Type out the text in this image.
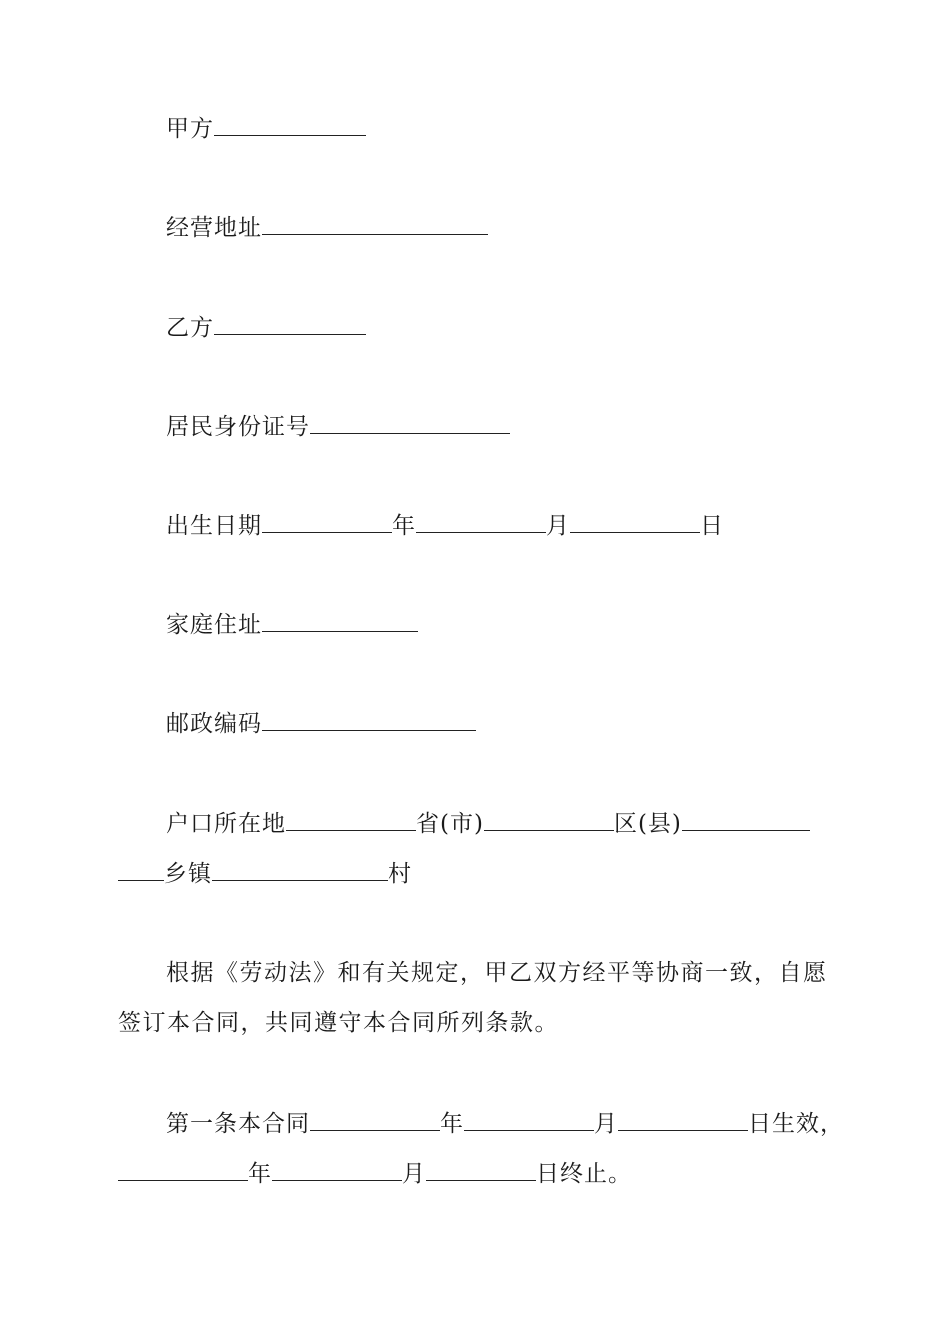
甲方
经营地址
乙方
居民身份证号
出生日期	年	月	日
家庭住址
邮政编码
户口所在地	省(市)	区(县)
乡镇	村
根据《劳动法》和有关规定，甲乙双方经平等协商一致，自愿
签订本合同，共同遵守本合同所列条款。
第一条本合同	年	月	日生效，
年	月	日终止。
